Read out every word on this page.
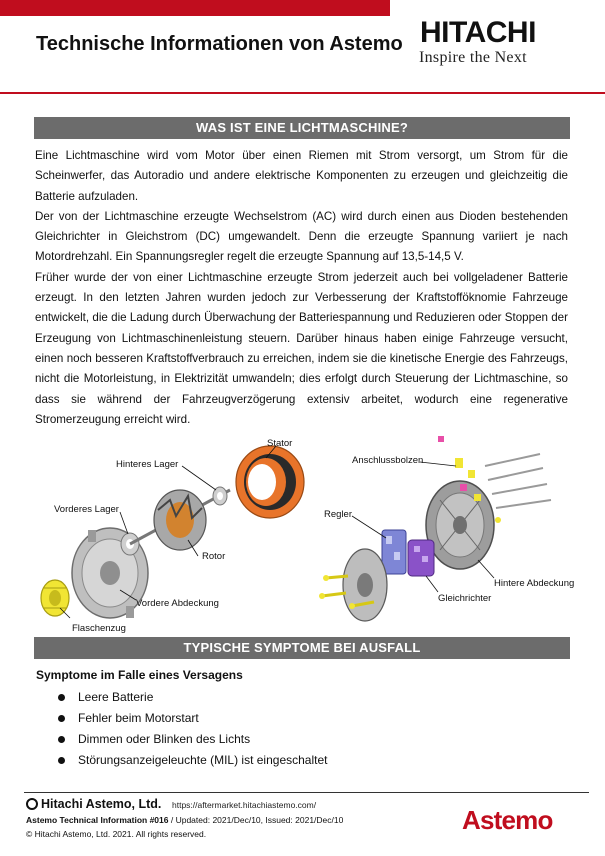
Technische Informationen von Astemo HITACHI
Inspire the Next
WAS IST EINE LICHTMASCHINE?

Eine Lichtmaschine wird vom Motor über einen Riemen mit Strom versorgt, um Strom für die Scheinwerfer, das Autoradio und andere elektrische Komponenten zu erzeugen und gleichzeitig die Batterie aufzuladen.

Der von der Lichtmaschine erzeugte Wechselstrom (AC) wird durch einen aus Dioden bestehenden Gleichrichter in Gleichstrom (DC) umgewandelt. Denn die erzeugte Spannung variiert je nach Motordrehzahl. Ein Spannungsregler regelt die erzeugte Spannung auf 13,5-14,5 V.

Früher wurde der von einer Lichtmaschine erzeugte Strom jederzeit auch bei vollgeladener Batterie erzeugt. In den letzten Jahren wurden jedoch zur Verbesserung der Kraftstofföknomie Fahrzeuge entwickelt, die die Ladung durch Überwachung der Batteriespannung und Reduzieren oder Stoppen der Erzeugung von Lichtmaschinenleistung steuern. Darüber hinaus haben einige Fahrzeuge versucht, einen noch besseren Kraftstoffverbrauch zu erreichen, indem sie die kinetische Energie des Fahrzeugs, nicht die Motorleistung, in Elektrizität umwandeln; dies erfolgt durch Steuerung der Lichtmaschine, so dass sie während der Fahrzeugverzögerung extensiv arbeitet, wodurch eine regenerative Stromerzeugung erreicht wird.

Stator
Hinteres Lager
Vorderes Lager
Rotor
Vordere Abdeckung
Flaschenzug
Anschlussbolzen
Regler
Hintere Abdeckung
Gleichrichter
TYPISCHE SYMPTOME BEI AUSFALL
Symptome im Falle eines Versagens
Leere Batterie
Fehler beim Motorstart
Dimmen oder Blinken des Lichts
Störungsanzeigeleuchte (MIL) ist eingeschaltet
Hitachi Astemo, Ltd. https://aftermarket.hitachiastemo.com/
Astemo Technical Information #016 / Updated: 2021/Dec/10, Issued: 2021/Dec/10
© Hitachi Astemo, Ltd. 2021. All rights reserved.	Astemo
